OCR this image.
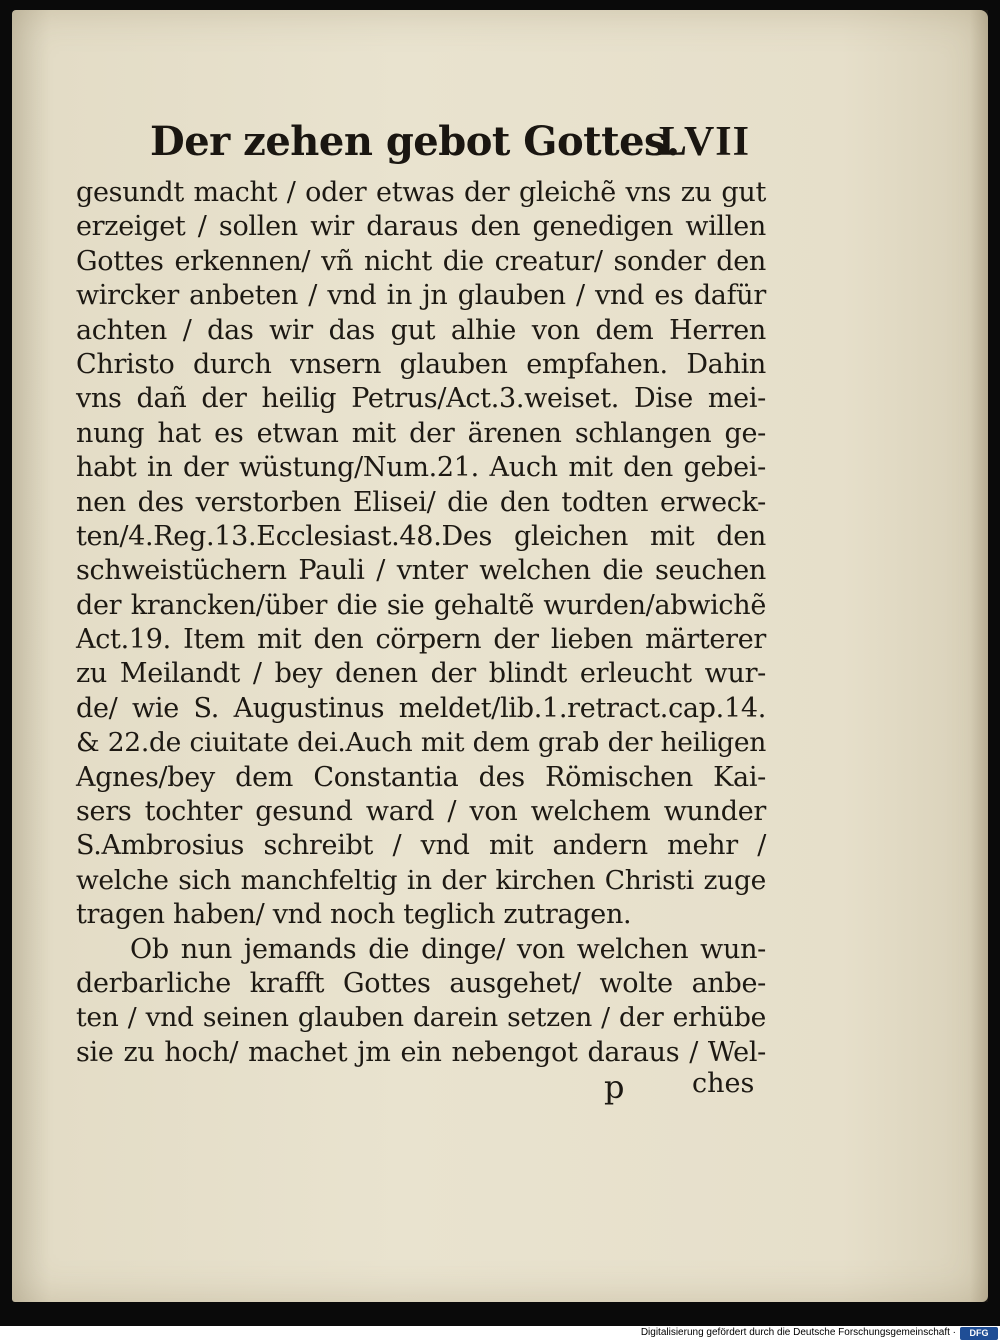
Der zehen gebot Gottes.
LVII
gesundt macht / oder etwas der gleichẽ vns zu gut
erzeiget / sollen wir daraus den genedigen willen
Gottes erkennen/ vñ nicht die creatur/ sonder den
wircker anbeten / vnd in jn glauben / vnd es dafür
achten / das wir das gut alhie von dem Herren
Christo durch vnsern glauben empfahen. Dahin
vns dañ der heilig Petrus/Act.3.weiset. Dise mei-
nung hat es etwan mit der ärenen schlangen ge-
habt in der wüstung/Num.21. Auch mit den gebei-
nen des verstorben Elisei/ die den todten erweck-
ten/4.Reg.13.Ecclesiast.48.Des gleichen mit den
schweistüchern Pauli / vnter welchen die seuchen
der krancken/über die sie gehaltẽ wurden/abwichẽ
Act.19. Item mit den cörpern der lieben märterer
zu Meilandt / bey denen der blindt erleucht wur-
de/ wie S. Augustinus meldet/lib.1.retract.cap.14.
& 22.de ciuitate dei.Auch mit dem grab der heiligen
Agnes/bey dem Constantia des Römischen Kai-
sers tochter gesund ward / von welchem wunder
S.Ambrosius schreibt / vnd mit andern mehr /
welche sich manchfeltig in der kirchen Christi zuge
tragen haben/ vnd noch teglich zutragen.
Ob nun jemands die dinge/ von welchen wun-
derbarliche krafft Gottes ausgehet/ wolte anbe-
ten / vnd seinen glauben darein setzen / der erhübe
sie zu hoch/ machet jm ein nebengot daraus / Wel-
p	ches
Digitalisierung gefördert durch die Deutsche Forschungsgemeinschaft ·	DFG
